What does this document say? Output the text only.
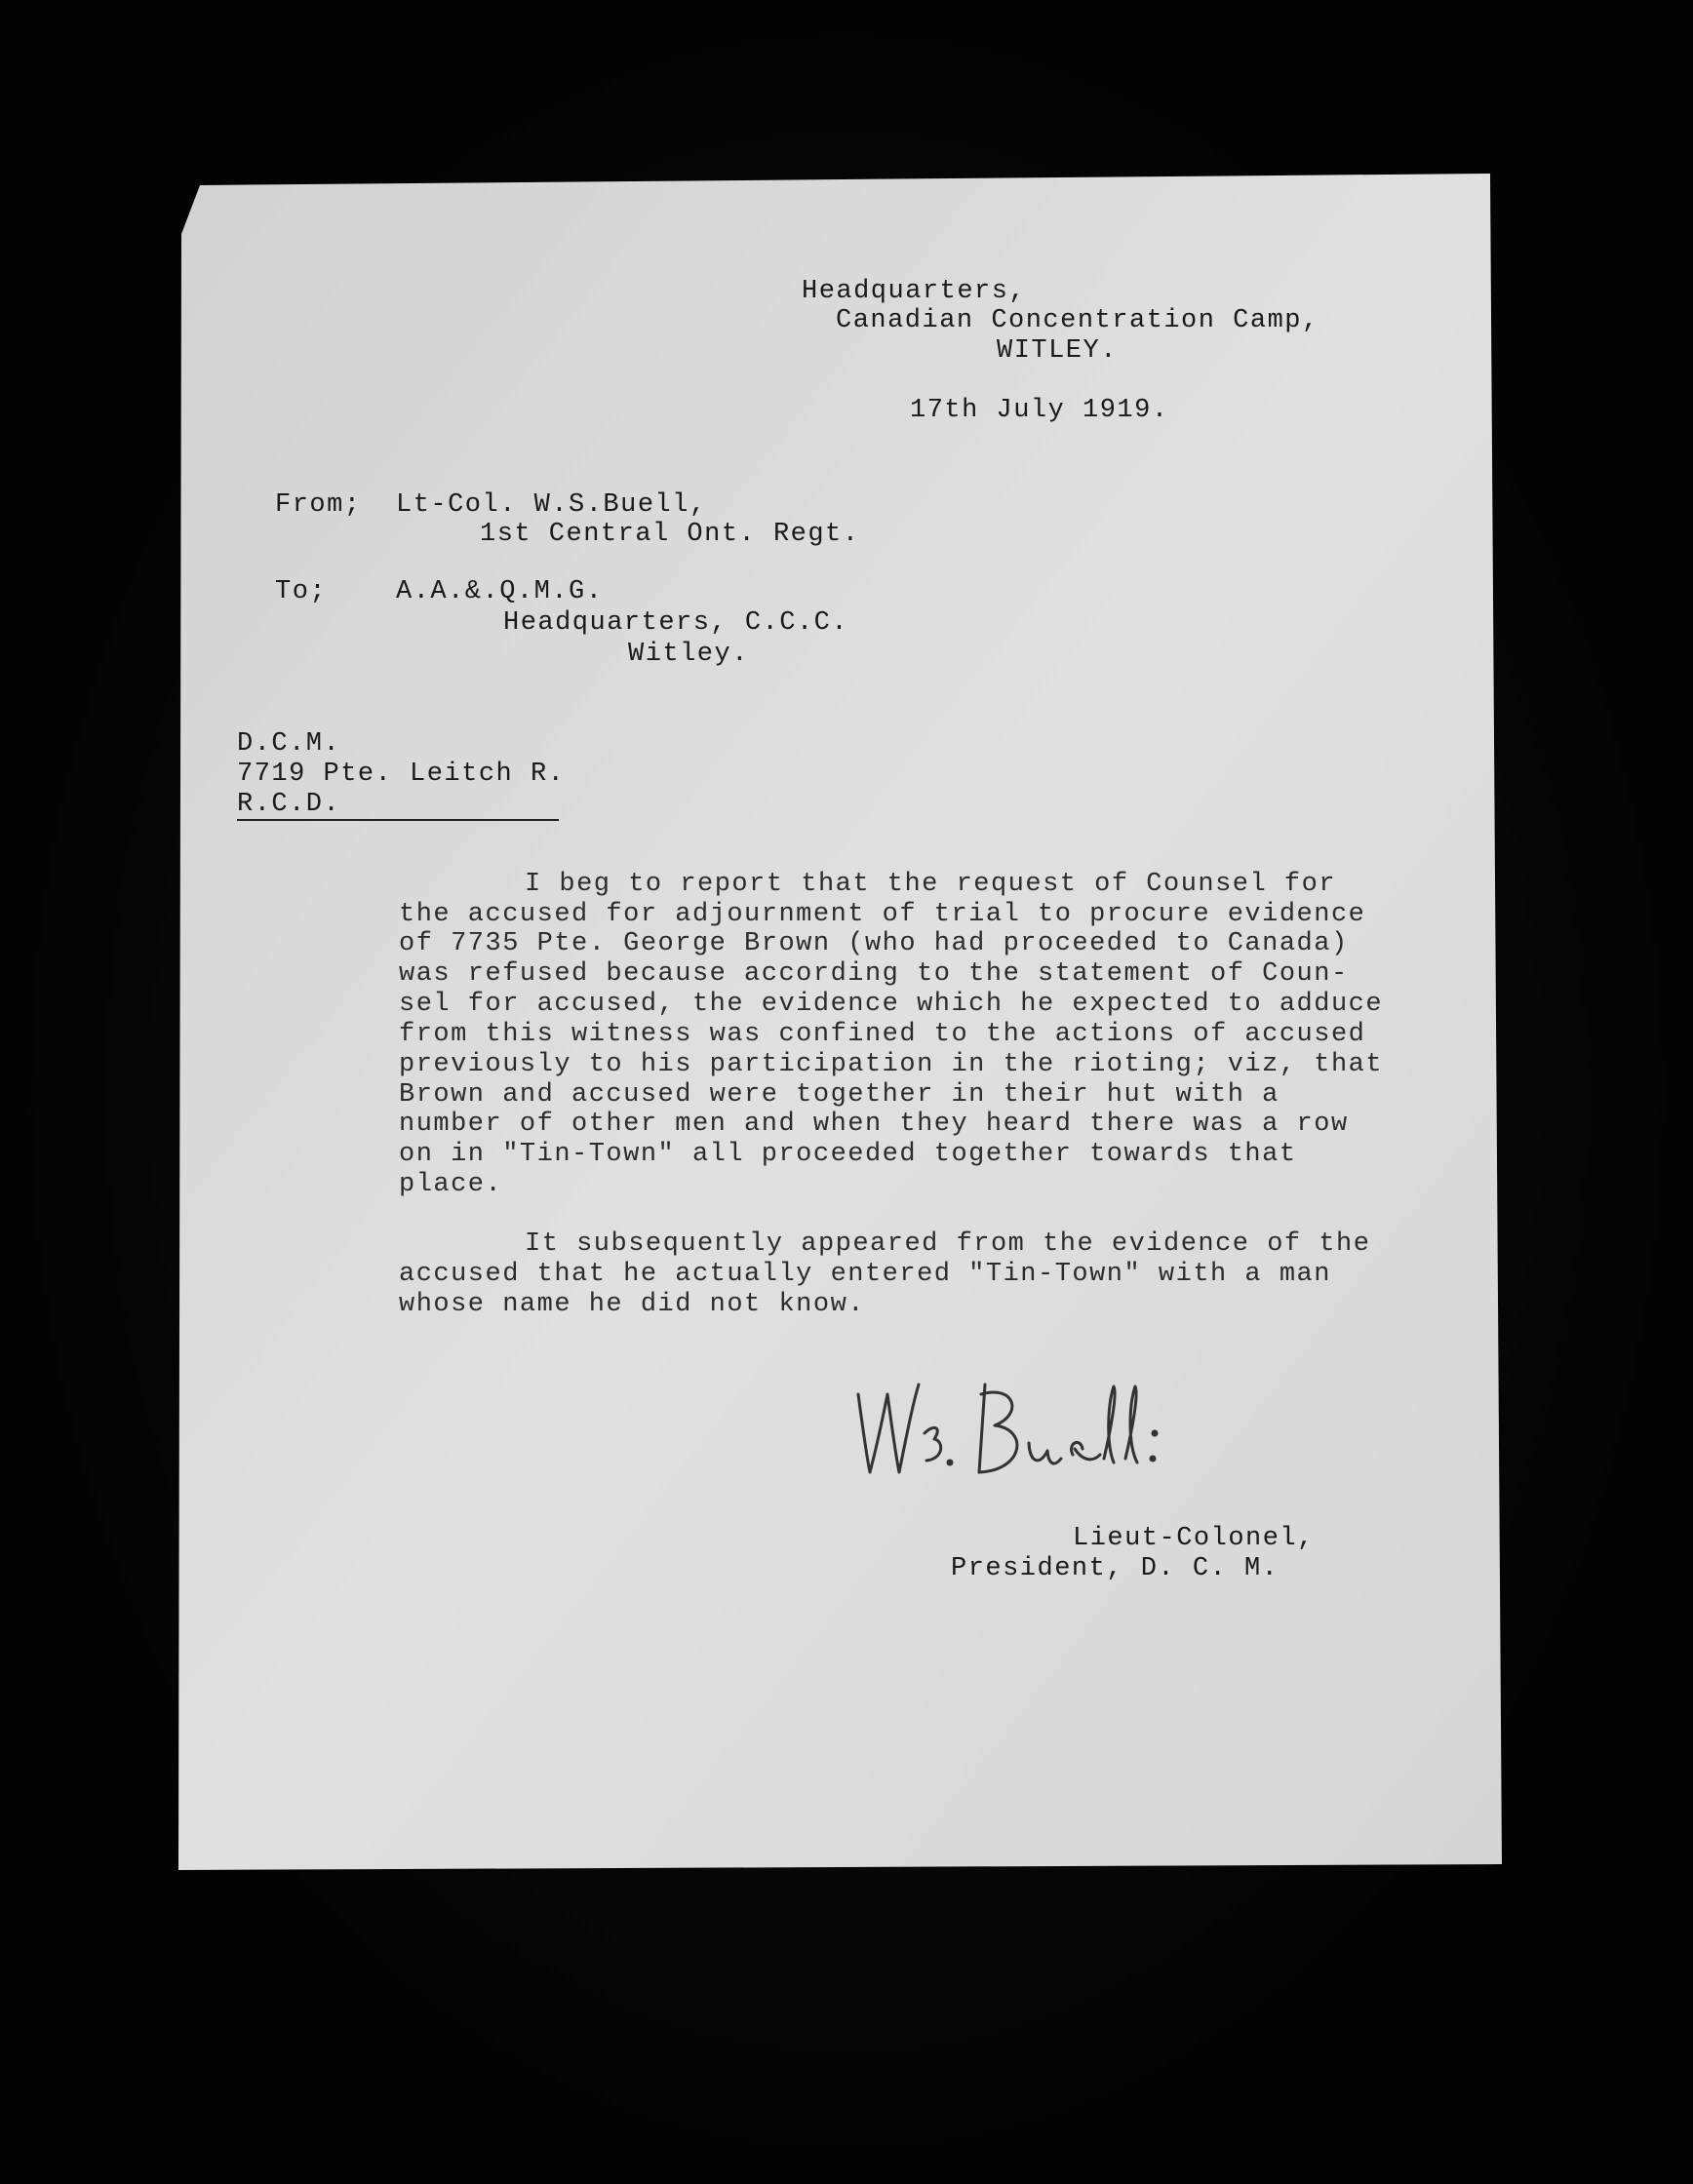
Headquarters,
Canadian Concentration Camp,
WITLEY.
17th July 1919.
From; Lt-Col. W.S.Buell,
1st Central Ont. Regt.
To;	A.A.&.Q.M.G.
Headquarters, C.C.C.
Witley.
D.C.M.
7719 Pte. Leitch R.
R.C.D.
I beg to report that the request of Counsel for
the accused for adjournment of trial to procure evidence
of 7735 Pte. George Brown (who had proceeded to Canada)
was refused because according to the statement of Coun-
sel for accused, the evidence which he expected to adduce
from this witness was confined to the actions of accused
previously to his participation in the rioting; viz, that
Brown and accused were together in their hut with a
number of other men and when they heard there was a row
on in "Tin-Town" all proceeded together towards that
place.
It subsequently appeared from the evidence of the
accused that he actually entered "Tin-Town" with a man
whose name he did not know.
Lieut-Colonel,
President, D. C. M.
